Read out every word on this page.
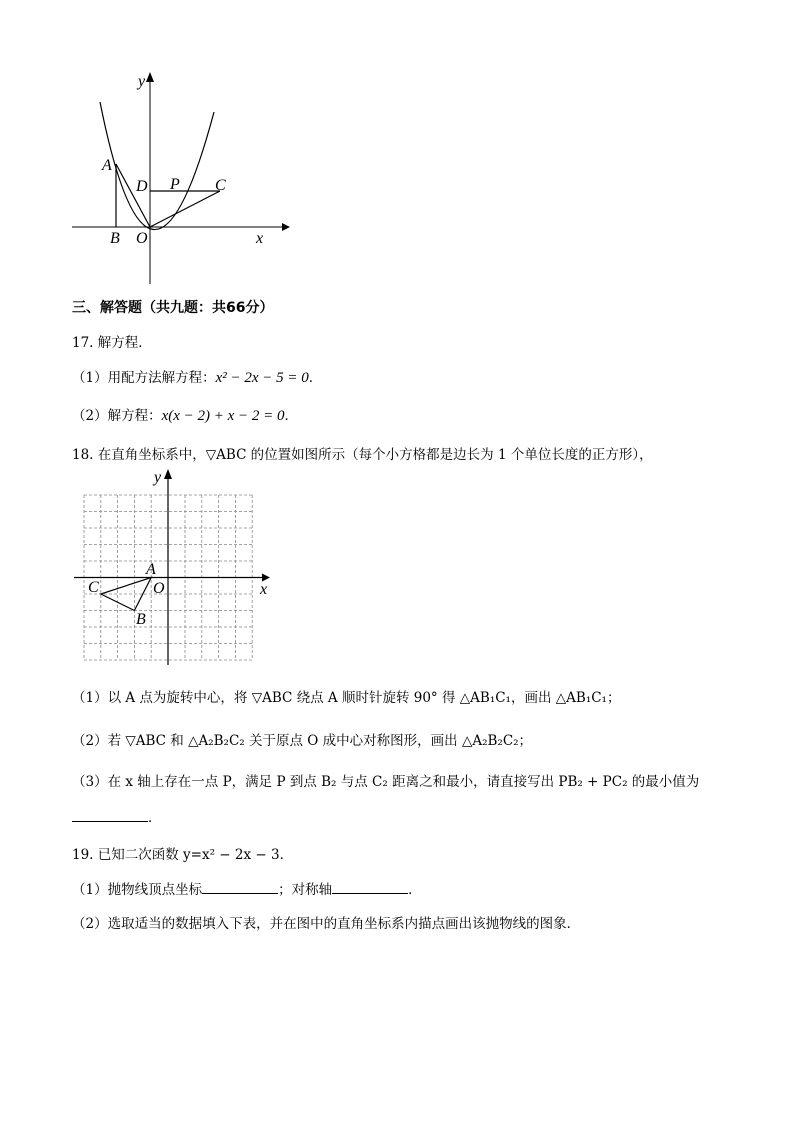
y
x
A
B O
D P C
三、解答题（共九题：共66分）
17. 解方程．
（1）用配方法解方程：x² − 2x − 5 = 0．
（2）解方程：x(x − 2) + x − 2 = 0．
18. 在直角坐标系中，▽ABC 的位置如图所示（每个小方格都是边长为 1 个单位长度的正方形），
y
x
A
O
C
B
（1）以 A 点为旋转中心，将 ▽ABC 绕点 A 顺时针旋转 90° 得 △AB₁C₁，画出 △AB₁C₁；
（2）若 ▽ABC 和 △A₂B₂C₂ 关于原点 O 成中心对称图形，画出 △A₂B₂C₂；
（3）在 x 轴上存在一点 P，满足 P 到点 B₂ 与点 C₂ 距离之和最小，请直接写出 PB₂ + PC₂ 的最小值为
．
19. 已知二次函数 y=x² − 2x − 3．
（1）抛物线顶点坐标	；对称轴	．
（2）选取适当的数据填入下表，并在图中的直角坐标系内描点画出该抛物线的图象．
